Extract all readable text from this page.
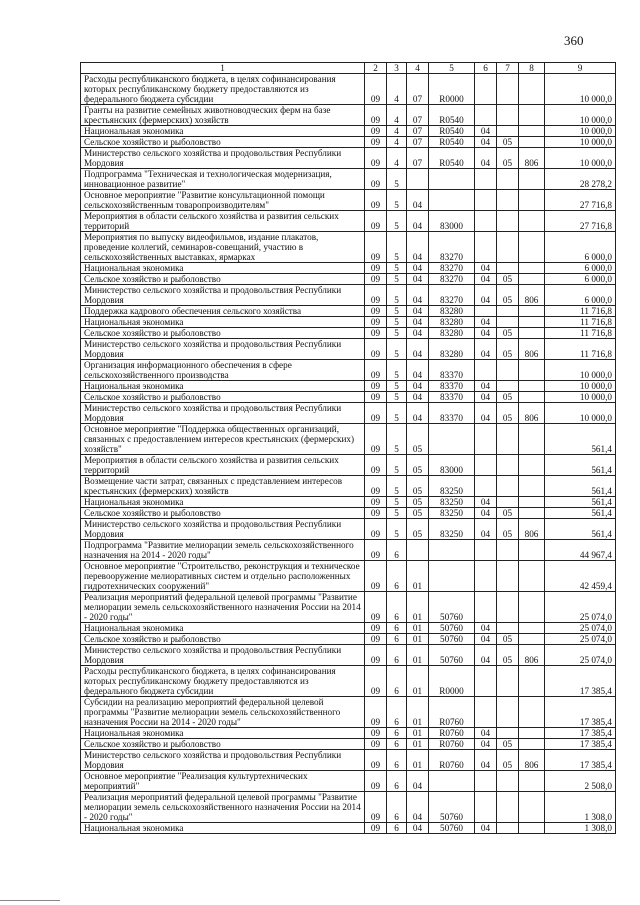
360
1	2	3	4	5	6	7	8	9
Расходы республиканского бюджета, в целях софинансирования которых республиканскому бюджету предоставляются из федерального бюджета субсидии	09	4	07	R0000				10 000,0
Гранты на развитие семейных животноводческих ферм на базе крестьянских (фермерских) хозяйств	09	4	07	R0540				10 000,0
Национальная экономика	09	4	07	R0540	04			10 000,0
Сельское хозяйство и рыболовство	09	4	07	R0540	04	05		10 000,0
Министерство сельского хозяйства и продовольствия Республики Мордовия	09	4	07	R0540	04	05	806	10 000,0
Подпрограмма "Техническая и технологическая модернизация, инновационное развитие"	09	5						28 278,2
Основное мероприятие "Развитие консультационной помощи сельскохозяйственным товаропроизводителям"	09	5	04					27 716,8
Мероприятия в области сельского хозяйства и развития сельских территорий	09	5	04	83000				27 716,8
Мероприятия по выпуску видеофильмов, издание плакатов, проведение коллегий, семинаров-совещаний, участию в сельскохозяйственных выставках, ярмарках	09	5	04	83270				6 000,0
Национальная экономика	09	5	04	83270	04			6 000,0
Сельское хозяйство и рыболовство	09	5	04	83270	04	05		6 000,0
Министерство сельского хозяйства и продовольствия Республики Мордовия	09	5	04	83270	04	05	806	6 000,0
Поддержка кадрового обеспечения сельского хозяйства	09	5	04	83280				11 716,8
Национальная экономика	09	5	04	83280	04			11 716,8
Сельское хозяйство и рыболовство	09	5	04	83280	04	05		11 716,8
Министерство сельского хозяйства и продовольствия Республики Мордовия	09	5	04	83280	04	05	806	11 716,8
Организация информационного обеспечения в сфере сельскохозяйственного производства	09	5	04	83370				10 000,0
Национальная экономика	09	5	04	83370	04			10 000,0
Сельское хозяйство и рыболовство	09	5	04	83370	04	05		10 000,0
Министерство сельского хозяйства и продовольствия Республики Мордовия	09	5	04	83370	04	05	806	10 000,0
Основное мероприятие "Поддержка общественных организаций, связанных с предоставлением интересов крестьянских (фермерских) хозяйств"	09	5	05					561,4
Мероприятия в области сельского хозяйства и развития сельских территорий	09	5	05	83000				561,4
Возмещение части затрат, связанных с представлением интересов крестьянских (фермерских) хозяйств	09	5	05	83250				561,4
Национальная экономика	09	5	05	83250	04			561,4
Сельское хозяйство и рыболовство	09	5	05	83250	04	05		561,4
Министерство сельского хозяйства и продовольствия Республики Мордовия	09	5	05	83250	04	05	806	561,4
Подпрограмма "Развитие мелиорации земель сельскохозяйственного назначения на 2014 - 2020 годы"	09	6						44 967,4
Основное мероприятие "Строительство, реконструкция и техническое перевооружение мелиоративных систем и отдельно расположенных гидротехнических сооружений"	09	6	01					42 459,4
Реализация мероприятий федеральной целевой программы "Развитие мелиорации земель сельскохозяйственного назначения России на 2014 - 2020 годы"	09	6	01	50760				25 074,0
Национальная экономика	09	6	01	50760	04			25 074,0
Сельское хозяйство и рыболовство	09	6	01	50760	04	05		25 074,0
Министерство сельского хозяйства и продовольствия Республики Мордовия	09	6	01	50760	04	05	806	25 074,0
Расходы республиканского бюджета, в целях софинансирования которых республиканскому бюджету предоставляются из федерального бюджета субсидии	09	6	01	R0000				17 385,4
Субсидии на реализацию мероприятий федеральной целевой программы "Развитие мелиорации земель сельскохозяйственного назначения России на 2014 - 2020 годы"	09	6	01	R0760				17 385,4
Национальная экономика	09	6	01	R0760	04			17 385,4
Сельское хозяйство и рыболовство	09	6	01	R0760	04	05		17 385,4
Министерство сельского хозяйства и продовольствия Республики Мордовия	09	6	01	R0760	04	05	806	17 385,4
Основное мероприятие "Реализация культуртехнических мероприятий"	09	6	04					2 508,0
Реализация мероприятий федеральной целевой программы "Развитие мелиорации земель сельскохозяйственного назначения России на 2014 - 2020 годы"	09	6	04	50760				1 308,0
Национальная экономика	09	6	04	50760	04			1 308,0
